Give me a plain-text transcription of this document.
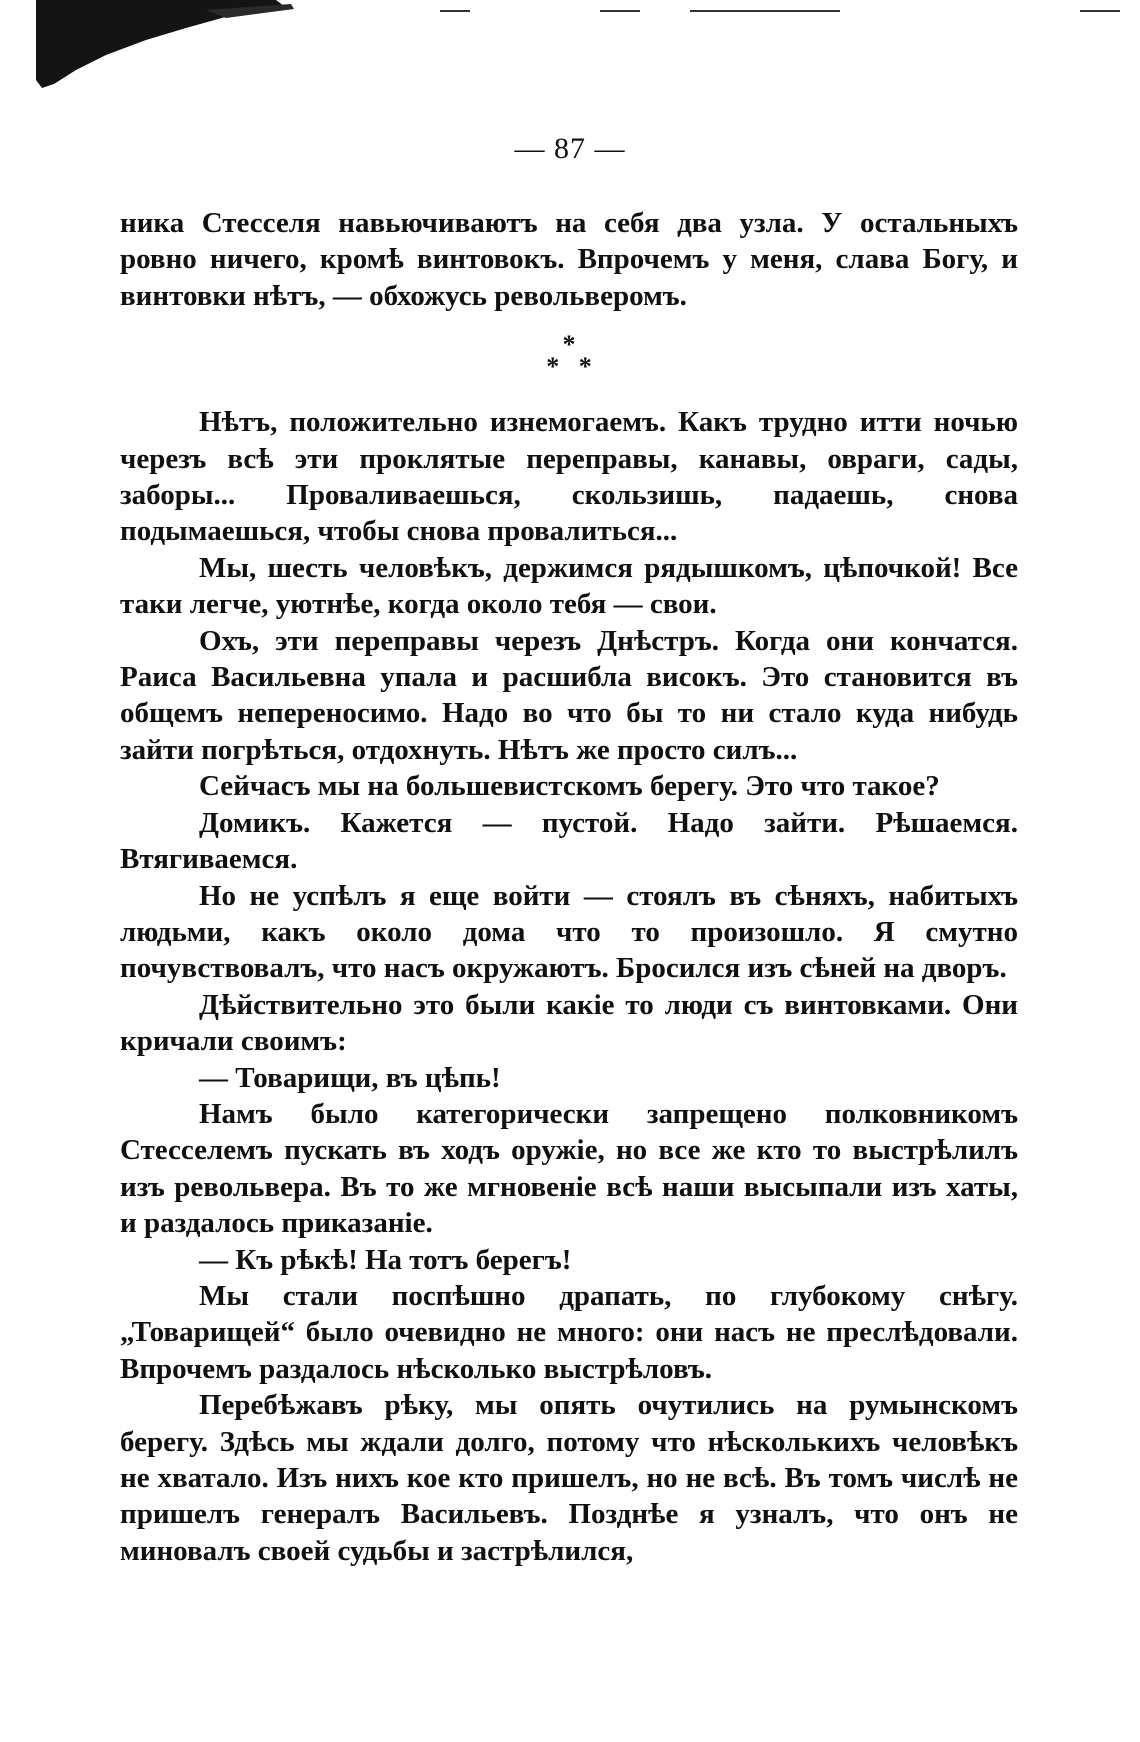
— 87 —

ника Стесселя навьючиваютъ на себя два узла. У остальныхъ ровно ничего, кромѣ винтовокъ. Впрочемъ у меня, слава Богу, и винтовки нѣтъ, — обхожусь револьверомъ.

*
*   *

Нѣтъ, положительно изнемогаемъ. Какъ трудно итти ночью черезъ всѣ эти проклятые переправы, канавы, овраги, сады, заборы... Проваливаешься, скользишь, падаешь, снова подымаешься, чтобы снова провалиться...

Мы, шесть человѣкъ, держимся рядышкомъ, цѣпочкой! Все таки легче, уютнѣе, когда около тебя — свои.

Охъ, эти переправы черезъ Днѣстръ. Когда они кончатся. Раиса Васильевна упала и расшибла високъ. Это становится въ общемъ непереносимо. Надо во что бы то ни стало куда нибудь зайти погрѣться, отдохнуть. Нѣтъ же просто силъ...

Сейчасъ мы на большевистскомъ берегу. Это что такое?

Домикъ. Кажется — пустой. Надо зайти. Рѣшаемся. Втягиваемся.

Но не успѣлъ я еще войти — стоялъ въ сѣняхъ, набитыхъ людьми, какъ около дома что то произошло. Я смутно почувствовалъ, что насъ окружаютъ. Бросился изъ сѣней на дворъ.

Дѣйствительно это были какіе то люди съ винтовками. Они кричали своимъ:

— Товарищи, въ цѣпь!

Намъ было категорически запрещено полковникомъ Стесселемъ пускать въ ходъ оружіе, но все же кто то выстрѣлилъ изъ револьвера. Въ то же мгновеніе всѣ наши высыпали изъ хаты, и раздалось приказаніе.

— Къ рѣкѣ! На тотъ берегъ!

Мы стали поспѣшно драпать, по глубокому снѣгу. „Товарищей“ было очевидно не много: они насъ не преслѣдовали. Впрочемъ раздалось нѣсколько выстрѣловъ.

Перебѣжавъ рѣку, мы опять очутились на румынскомъ берегу. Здѣсь мы ждали долго, потому что нѣсколькихъ человѣкъ не хватало. Изъ нихъ кое кто пришелъ, но не всѣ. Въ томъ числѣ не пришелъ генералъ Васильевъ. Позднѣе я узналъ, что онъ не миновалъ своей судьбы и застрѣлился,
